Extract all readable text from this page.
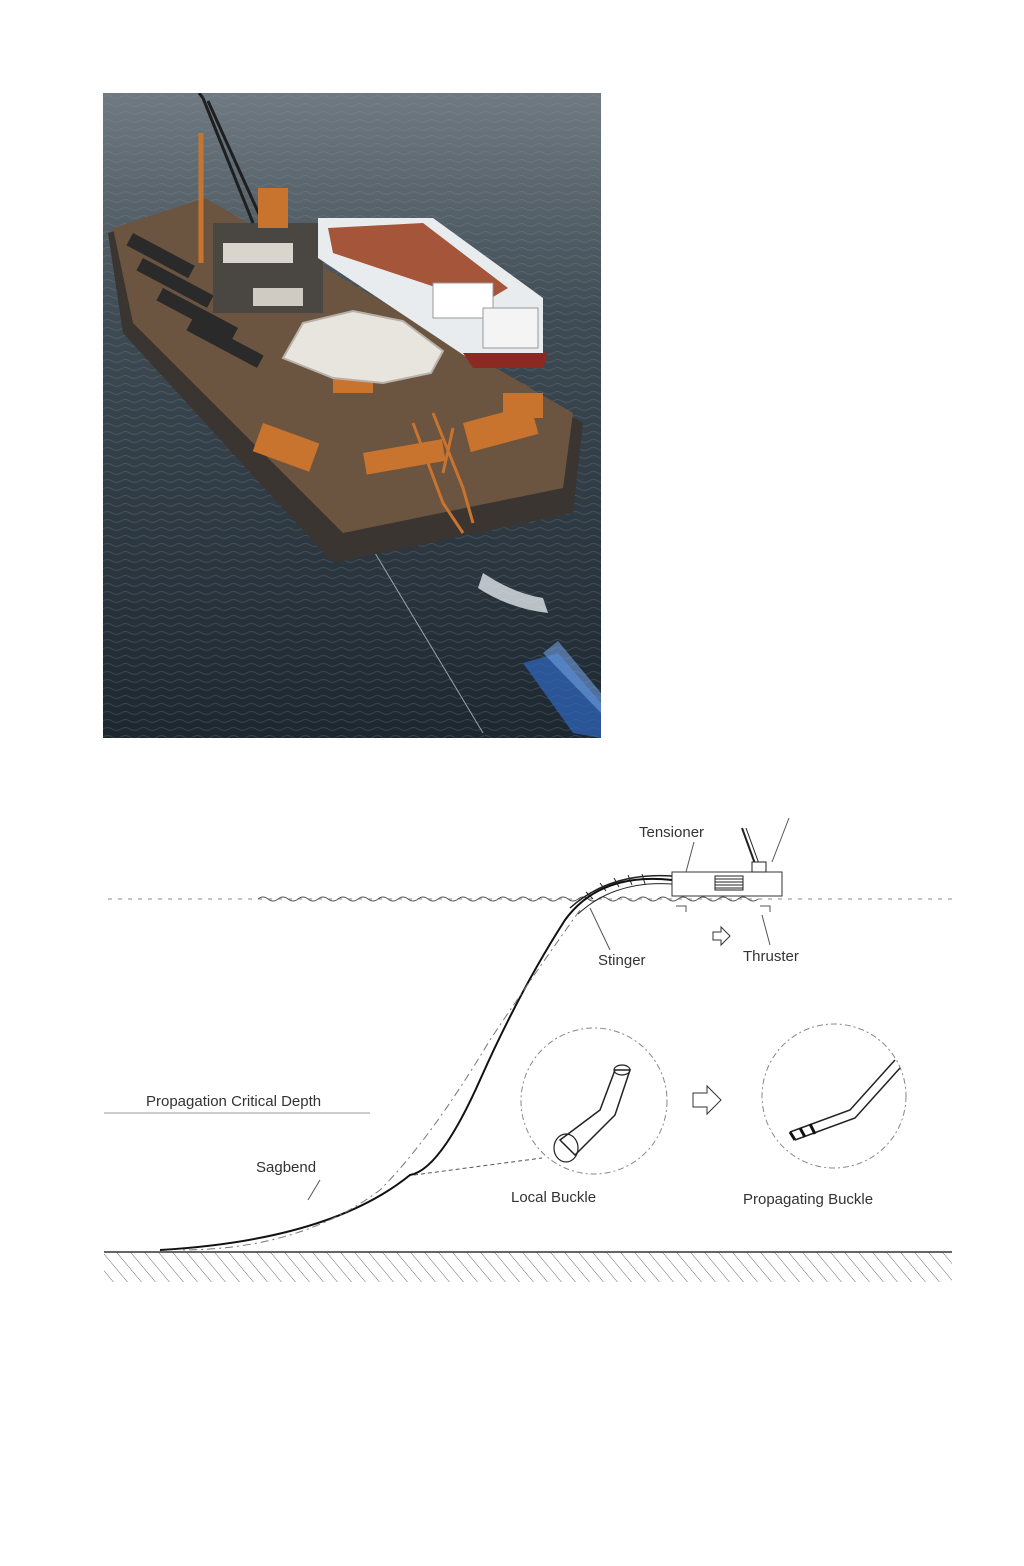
Tensioner
Stinger	Thruster
Propagation Critical Depth
Sagbend
Local Buckle	Propagating Buckle
